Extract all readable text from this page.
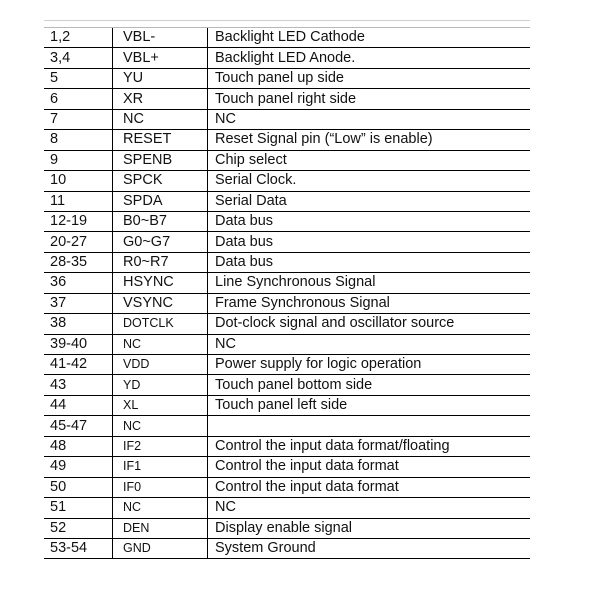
1,2	VBL-	Backlight LED Cathode
3,4	VBL+	Backlight LED Anode.
5	YU	Touch panel up side
6	XR	Touch panel right side
7	NC	NC
8	RESET	Reset Signal pin (“Low” is enable)
9	SPENB	Chip select
10	SPCK	Serial Clock.
11	SPDA	Serial Data
12-19	B0~B7	Data bus
20-27	G0~G7	Data bus
28-35	R0~R7	Data bus
36	HSYNC	Line Synchronous Signal
37	VSYNC	Frame Synchronous Signal
38	DOTCLK	Dot-clock signal and oscillator source
39-40	NC	NC
41-42	VDD	Power supply for logic operation
43	YD	Touch panel bottom side
44	XL	Touch panel left side
45-47	NC	
48	IF2	Control the input data format/floating
49	IF1	Control the input data format
50	IF0	Control the input data format
51	NC	NC
52	DEN	Display enable signal
53-54	GND	System Ground
